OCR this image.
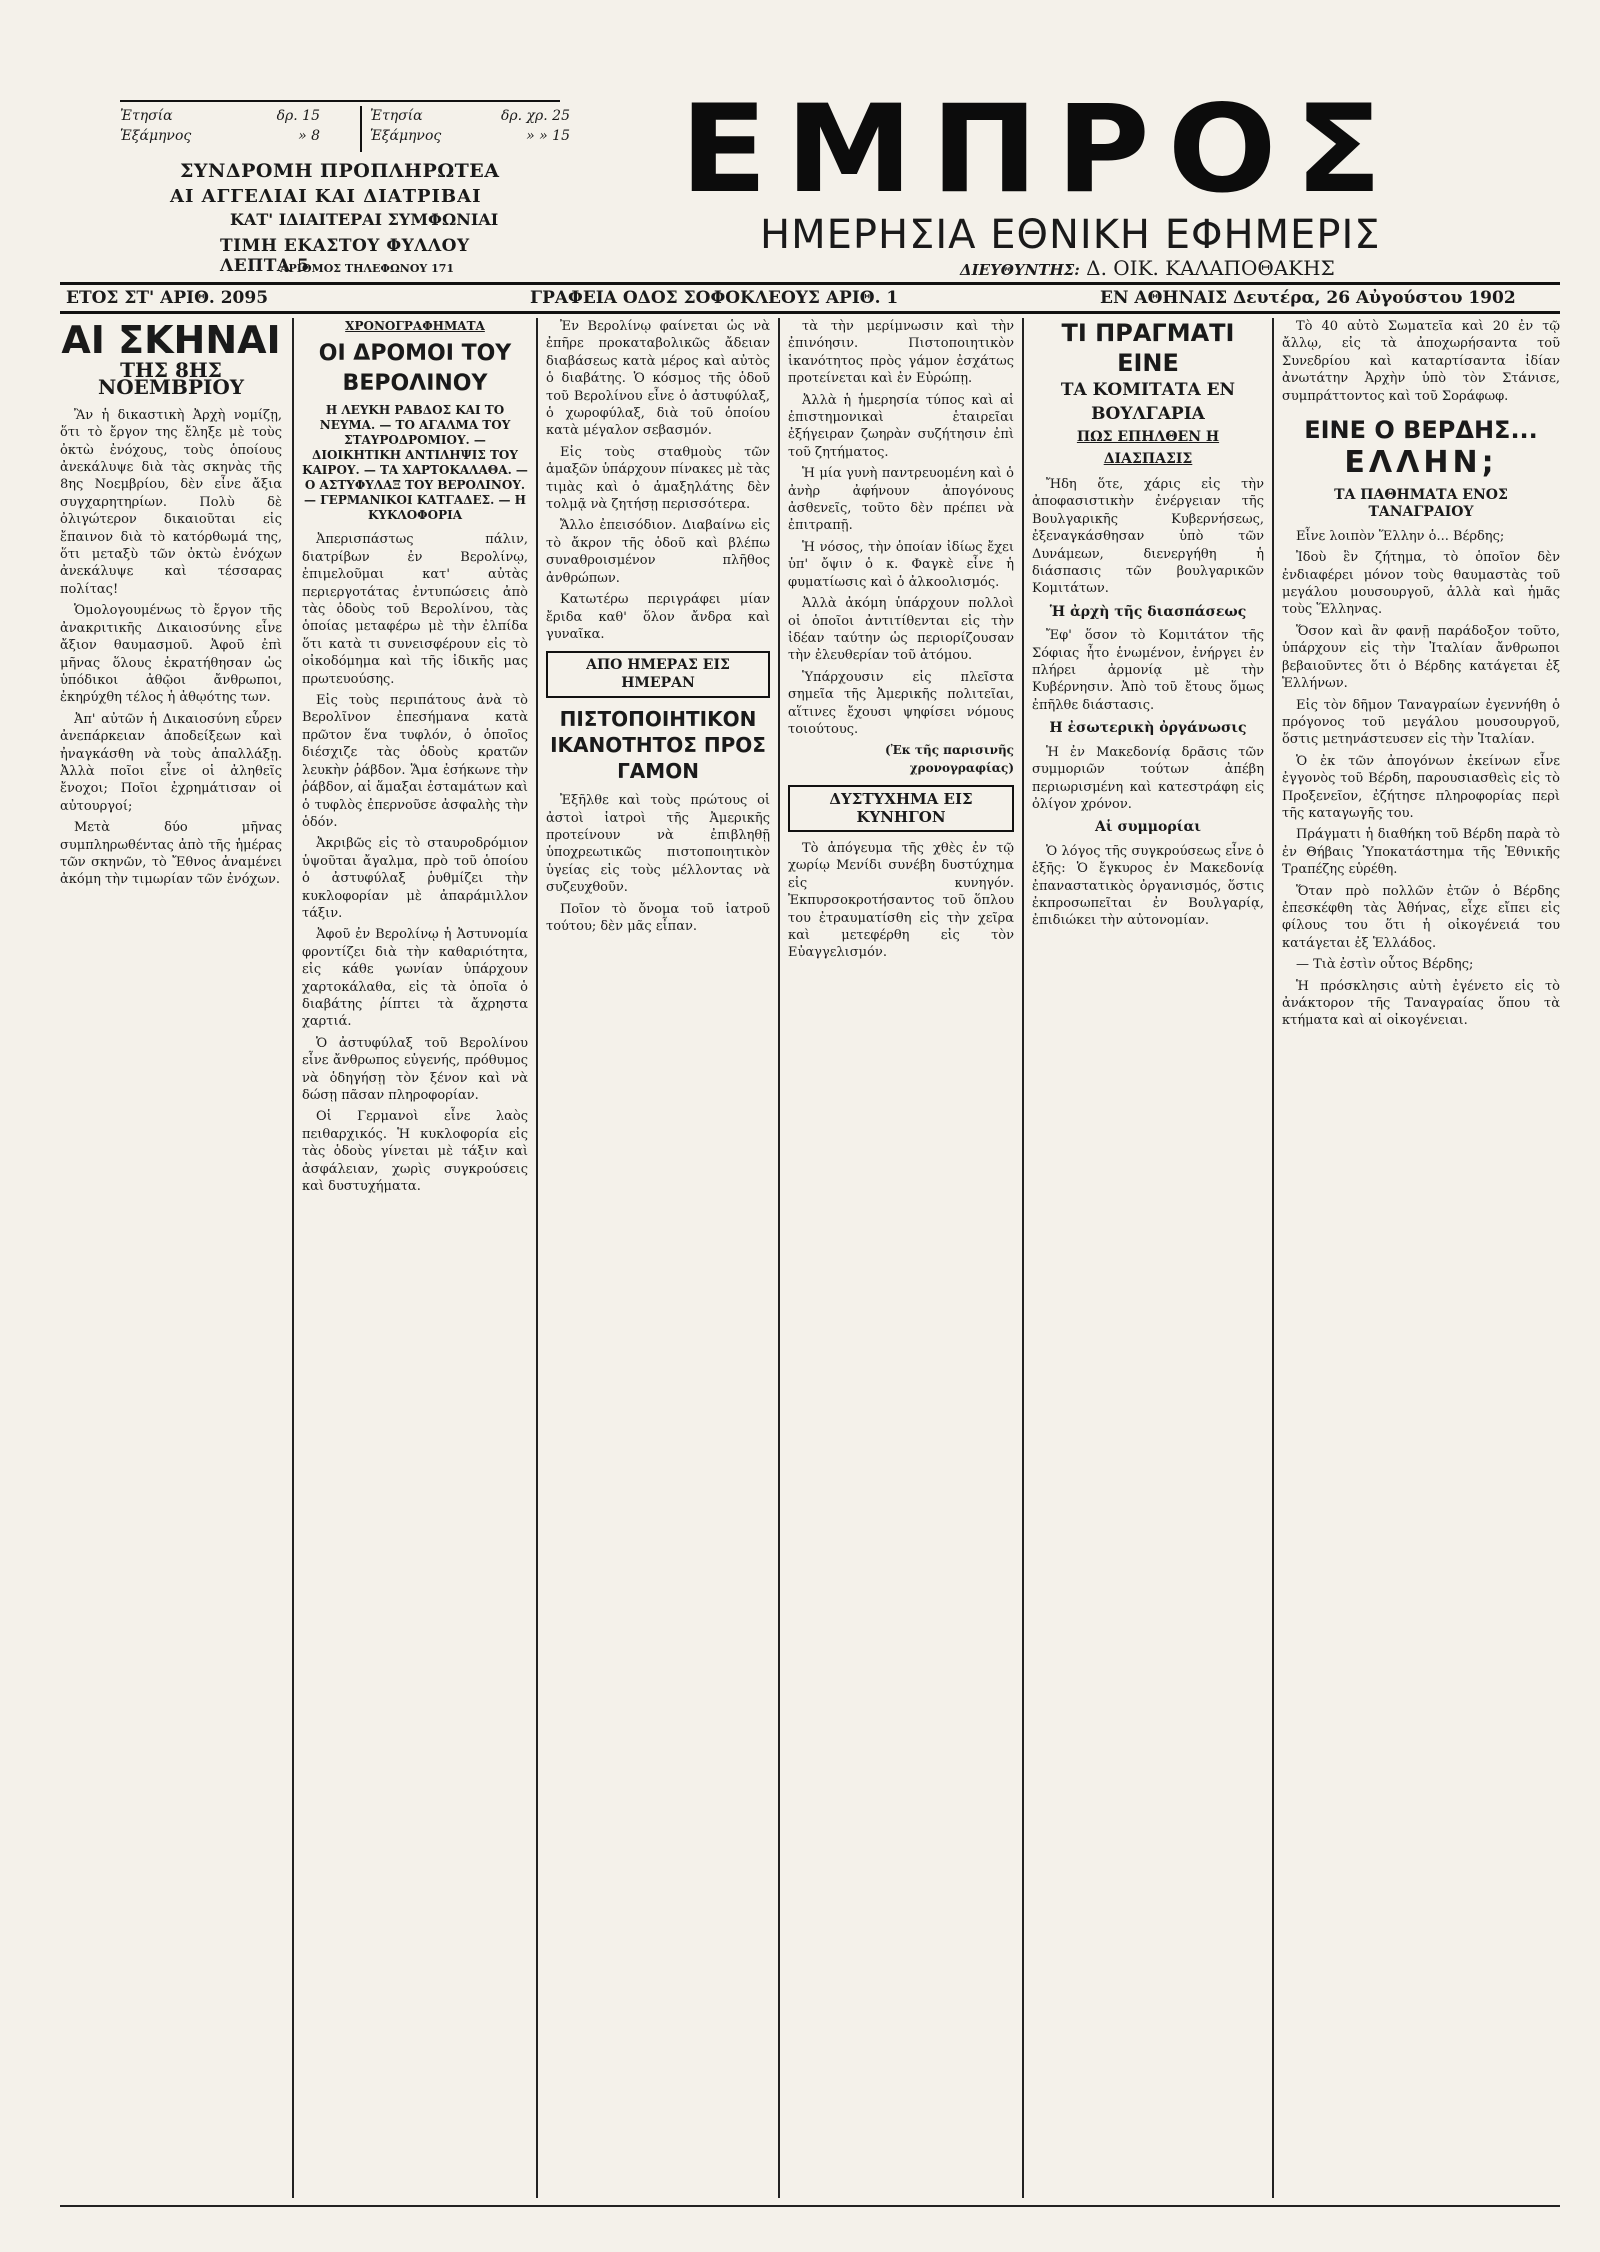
Ἐτησία	δρ. 15
Ἑξάμηνος	» 8
Ἐτησία	δρ. χρ. 25
Ἑξάμηνος	» » 15
ΣΥΝΔΡΟΜΗ ΠΡΟΠΛΗΡΩΤΕΑ
ΑΙ ΑΓΓΕΛΙΑΙ ΚΑΙ ΔΙΑΤΡΙΒΑΙ
ΚΑΤ' ΙΔΙΑΙΤΕΡΑΙ ΣΥΜΦΩΝΙΑΙ
ΤΙΜΗ ΕΚΑΣΤΟΥ ΦΥΛΛΟΥ ΛΕΠΤΑ 5
ΑΡΙΘΜΟΣ ΤΗΛΕΦΩΝΟΥ 171
ΕΜΠΡΟΣ
ΗΜΕΡΗΣΙΑ ΕΘΝΙΚΗ ΕΦΗΜΕΡΙΣ
ΔΙΕΥΘΥΝΤΗΣ: Δ. ΟΙΚ. ΚΑΛΑΠΟΘΑΚΗΣ
ΕΤΟΣ ΣΤ' ΑΡΙΘ. 2095	ΓΡΑΦΕΙΑ ΟΔΟΣ ΣΟΦΟΚΛΕΟΥΣ ΑΡΙΘ. 1	ΕΝ ΑΘΗΝΑΙΣ Δευτέρα, 26 Αὐγούστου 1902
ΑΙ ΣΚΗΝΑΙ
ΤΗΣ 8ΗΣ ΝΟΕΜΒΡΙΟΥ

Ἂν ἡ δικαστικὴ Ἀρχὴ νομίζῃ, ὅτι τὸ ἔργον της ἔληξε μὲ τοὺς ὀκτὼ ἐνόχους, τοὺς ὁποίους ἀνεκάλυψε διὰ τὰς σκηνὰς τῆς 8ης Νοεμβρίου, δὲν εἶνε ἄξια συγχαρητηρίων. Πολὺ δὲ ὀλιγώτερον δικαιοῦται εἰς ἔπαινον διὰ τὸ κατόρθωμά της, ὅτι μεταξὺ τῶν ὀκτὼ ἐνόχων ἀνεκάλυψε καὶ τέσσαρας πολίτας!

Ὁμολογουμένως τὸ ἔργον τῆς ἀνακριτικῆς Δικαιοσύνης εἶνε ἄξιον θαυμασμοῦ. Ἀφοῦ ἐπὶ μῆνας ὅλους ἐκρατήθησαν ὡς ὑπόδικοι ἀθῷοι ἄνθρωποι, ἐκηρύχθη τέλος ἡ ἀθῳότης των.

Ἀπ' αὐτῶν ἡ Δικαιοσύνη εὗρεν ἀνεπάρκειαν ἀποδείξεων καὶ ἠναγκάσθη νὰ τοὺς ἀπαλλάξῃ. Ἀλλὰ ποῖοι εἶνε οἱ ἀληθεῖς ἔνοχοι; Ποῖοι ἐχρημάτισαν οἱ αὐτουργοί;

Μετὰ δύο μῆνας συμπληρωθέντας ἀπὸ τῆς ἡμέρας τῶν σκηνῶν, τὸ Ἔθνος ἀναμένει ἀκόμη τὴν τιμωρίαν τῶν ἐνόχων.

ΧΡΟΝΟΓΡΑΦΗΜΑΤΑ
ΟΙ ΔΡΟΜΟΙ ΤΟΥ ΒΕΡΟΛΙΝΟΥ
Η ΛΕΥΚΗ ΡΑΒΔΟΣ ΚΑΙ ΤΟ ΝΕΥΜΑ. — ΤΟ ΑΓΑΛΜΑ ΤΟΥ ΣΤΑΥΡΟΔΡΟΜΙΟΥ. — ΔΙΟΙΚΗΤΙΚΗ ΑΝΤΙΛΗΨΙΣ ΤΟΥ ΚΑΙΡΟΥ. — ΤΑ ΧΑΡΤΟΚΑΛΑΘΑ. — Ο ΑΣΤΥΦΥΛΑΞ ΤΟΥ ΒΕΡΟΛΙΝΟΥ. — ΓΕΡΜΑΝΙΚΟΙ ΚΑΤΓΑΔΕΣ. — Η ΚΥΚΛΟΦΟΡΙΑ

Ἀπερισπάστως πάλιν, διατρίβων ἐν Βερολίνῳ, ἐπιμελοῦμαι κατ' αὐτὰς περιεργοτάτας ἐντυπώσεις ἀπὸ τὰς ὁδοὺς τοῦ Βερολίνου, τὰς ὁποίας μεταφέρω μὲ τὴν ἐλπίδα ὅτι κατὰ τι συνεισφέρουν εἰς τὸ οἰκοδόμημα καὶ τῆς ἰδικῆς μας πρωτευούσης.

Εἰς τοὺς περιπάτους ἀνὰ τὸ Βερολῖνον ἐπεσήμανα κατὰ πρῶτον ἕνα τυφλόν, ὁ ὁποῖος διέσχιζε τὰς ὁδοὺς κρατῶν λευκὴν ῥάβδον. Ἅμα ἐσήκωνε τὴν ῥάβδον, αἱ ἅμαξαι ἐσταμάτων καὶ ὁ τυφλὸς ἐπερνοῦσε ἀσφαλὴς τὴν ὁδόν.

Ἀκριβῶς εἰς τὸ σταυροδρόμιον ὑψοῦται ἄγαλμα, πρὸ τοῦ ὁποίου ὁ ἀστυφύλαξ ῥυθμίζει τὴν κυκλοφορίαν μὲ ἀπαράμιλλον τάξιν.

Ἀφοῦ ἐν Βερολίνῳ ἡ Ἀστυνομία φροντίζει διὰ τὴν καθαριότητα, εἰς κάθε γωνίαν ὑπάρχουν χαρτοκάλαθα, εἰς τὰ ὁποῖα ὁ διαβάτης ῥίπτει τὰ ἄχρηστα χαρτιά.

Ὁ ἀστυφύλαξ τοῦ Βερολίνου εἶνε ἄνθρωπος εὐγενής, πρόθυμος νὰ ὁδηγήσῃ τὸν ξένον καὶ νὰ δώσῃ πᾶσαν πληροφορίαν.

Οἱ Γερμανοὶ εἶνε λαὸς πειθαρχικός. Ἡ κυκλοφορία εἰς τὰς ὁδοὺς γίνεται μὲ τάξιν καὶ ἀσφάλειαν, χωρὶς συγκρούσεις καὶ δυστυχήματα.

Ἐν Βερολίνῳ φαίνεται ὡς νὰ ἐπῆρε προκαταβολικῶς ἄδειαν διαβάσεως κατὰ μέρος καὶ αὐτὸς ὁ διαβάτης. Ὁ κόσμος τῆς ὁδοῦ τοῦ Βερολίνου εἶνε ὁ ἀστυφύλαξ, ὁ χωροφύλαξ, διὰ τοῦ ὁποίου κατὰ μέγαλον σεβασμόν.

Εἰς τοὺς σταθμοὺς τῶν ἁμαξῶν ὑπάρχουν πίνακες μὲ τὰς τιμὰς καὶ ὁ ἁμαξηλάτης δὲν τολμᾷ νὰ ζητήσῃ περισσότερα.

Ἄλλο ἐπεισόδιον. Διαβαίνω εἰς τὸ ἄκρον τῆς ὁδοῦ καὶ βλέπω συναθροισμένον πλῆθος ἀνθρώπων.

Κατωτέρω περιγράφει μίαν ἔριδα καθ' ὅλον ἄνδρα καὶ γυναῖκα.

ΑΠΟ ΗΜΕΡΑΣ ΕΙΣ ΗΜΕΡΑΝ
ΠΙΣΤΟΠΟΙΗΤΙΚΟΝ ΙΚΑΝΟΤΗΤΟΣ ΠΡΟΣ ΓΑΜΟΝ

Ἐξῆλθε καὶ τοὺς πρώτους οἱ ἀστοὶ ἰατροὶ τῆς Ἀμερικῆς προτείνουν νὰ ἐπιβληθῇ ὑποχρεωτικῶς πιστοποιητικὸν ὑγείας εἰς τοὺς μέλλοντας νὰ συζευχθοῦν.

Ποῖον τὸ ὄνομα τοῦ ἰατροῦ τούτου; δὲν μᾶς εἶπαν.

τὰ τὴν μερίμνωσιν καὶ τὴν ἐπινόησιν. Πιστοποιητικὸν ἱκανότητος πρὸς γάμον ἐσχάτως προτείνεται καὶ ἐν Εὐρώπῃ.

Ἀλλὰ ἡ ἡμερησία τύπος καὶ αἱ ἐπιστημονικαὶ ἑταιρεῖαι ἐξήγειραν ζωηρὰν συζήτησιν ἐπὶ τοῦ ζητήματος.

Ἡ μία γυνὴ παντρευομένη καὶ ὁ ἀνὴρ ἀφήνουν ἀπογόνους ἀσθενεῖς, τοῦτο δὲν πρέπει νὰ ἐπιτραπῇ.

Ἡ νόσος, τὴν ὁποίαν ἰδίως ἔχει ὑπ' ὄψιν ὁ κ. Φαγκὲ εἶνε ἡ φυματίωσις καὶ ὁ ἀλκοολισμός.

Ἀλλὰ ἀκόμη ὑπάρχουν πολλοὶ οἱ ὁποῖοι ἀντιτίθενται εἰς τὴν ἰδέαν ταύτην ὡς περιορίζουσαν τὴν ἐλευθερίαν τοῦ ἀτόμου.

Ὑπάρχουσιν εἰς πλεῖστα σημεῖα τῆς Ἀμερικῆς πολιτεῖαι, αἵτινες ἔχουσι ψηφίσει νόμους τοιούτους.

(Ἐκ τῆς παρισινῆς χρονογραφίας)
ΔΥΣΤΥΧΗΜΑ ΕΙΣ ΚΥΝΗΓΟΝ

Τὸ ἀπόγευμα τῆς χθὲς ἐν τῷ χωρίῳ Μενίδι συνέβη δυστύχημα εἰς κυνηγόν. Ἐκπυρσοκροτήσαντος τοῦ ὅπλου του ἐτραυματίσθη εἰς τὴν χεῖρα καὶ μετεφέρθη εἰς τὸν Εὐαγγελισμόν.

ΤΙ ΠΡΑΓΜΑΤΙ ΕΙΝΕ
ΤΑ ΚΟΜΙΤΑΤΑ ΕΝ ΒΟΥΛΓΑΡΙΑ
ΠΩΣ ΕΠΗΛΘΕΝ Η ΔΙΑΣΠΑΣΙΣ

Ἤδη ὅτε, χάρις εἰς τὴν ἀποφασιστικὴν ἐνέργειαν τῆς Βουλγαρικῆς Κυβερνήσεως, ἐξεναγκάσθησαν ὑπὸ τῶν Δυνάμεων, διενεργήθη ἡ διάσπασις τῶν βουλγαρικῶν Κομιτάτων.

Ἡ ἀρχὴ τῆς διασπάσεως

Ἔφ' ὅσον τὸ Κομιτάτον τῆς Σόφιας ἦτο ἑνωμένον, ἐνήργει ἐν πλήρει ἀρμονίᾳ μὲ τὴν Κυβέρνησιν. Ἀπὸ τοῦ ἔτους ὅμως ἐπῆλθε διάστασις.

Η ἐσωτερικὴ ὀργάνωσις

Ἡ ἐν Μακεδονίᾳ δρᾶσις τῶν συμμοριῶν τούτων ἀπέβη περιωρισμένη καὶ κατεστράφη εἰς ὀλίγον χρόνον.

Αἱ συμμορίαι

Ὁ λόγος τῆς συγκρούσεως εἶνε ὁ ἑξῆς: Ὁ ἔγκυρος ἐν Μακεδονίᾳ ἐπαναστατικὸς ὀργανισμός, ὅστις ἐκπροσωπεῖται ἐν Βουλγαρίᾳ, ἐπιδιώκει τὴν αὐτονομίαν.

Τὸ 40 αὐτὸ Σωματεῖα καὶ 20 ἐν τῷ ἄλλῳ, εἰς τὰ ἀποχωρήσαντα τοῦ Συνεδρίου καὶ καταρτίσαντα ἰδίαν ἀνωτάτην Ἀρχὴν ὑπὸ τὸν Στάνισε, συμπράττοντος καὶ τοῦ Σοράφωφ.

ΕΙΝΕ Ο ΒΕΡΔΗΣ...
ΕΛΛΗΝ;
ΤΑ ΠΑΘΗΜΑΤΑ ΕΝΟΣ ΤΑΝΑΓΡΑΙΟΥ

Εἶνε λοιπὸν Ἕλλην ὁ... Βέρδης;

Ἰδοὺ ἓν ζήτημα, τὸ ὁποῖον δὲν ἐνδιαφέρει μόνον τοὺς θαυμαστὰς τοῦ μεγάλου μουσουργοῦ, ἀλλὰ καὶ ἡμᾶς τοὺς Ἕλληνας.

Ὅσον καὶ ἂν φανῇ παράδοξον τοῦτο, ὑπάρχουν εἰς τὴν Ἰταλίαν ἄνθρωποι βεβαιοῦντες ὅτι ὁ Βέρδης κατάγεται ἐξ Ἑλλήνων.

Εἰς τὸν δῆμον Ταναγραίων ἐγεννήθη ὁ πρόγονος τοῦ μεγάλου μουσουργοῦ, ὅστις μετηνάστευσεν εἰς τὴν Ἰταλίαν.

Ὁ ἐκ τῶν ἀπογόνων ἐκείνων εἶνε ἐγγονὸς τοῦ Βέρδη, παρουσιασθεὶς εἰς τὸ Προξενεῖον, ἐζήτησε πληροφορίας περὶ τῆς καταγωγῆς του.

Πράγματι ἡ διαθήκη τοῦ Βέρδη παρὰ τὸ ἐν Θήβαις Ὑποκατάστημα τῆς Ἐθνικῆς Τραπέζης εὑρέθη.

Ὅταν πρὸ πολλῶν ἐτῶν ὁ Βέρδης ἐπεσκέφθη τὰς Ἀθήνας, εἶχε εἴπει εἰς φίλους του ὅτι ἡ οἰκογένειά του κατάγεται ἐξ Ἑλλάδος.

— Τιὰ ἐστὶν οὗτος Βέρδης;

Ἡ πρόσκλησις αὐτὴ ἐγένετο εἰς τὸ ἀνάκτορον τῆς Ταναγραίας ὅπου τὰ κτήματα καὶ αἱ οἰκογένειαι.
